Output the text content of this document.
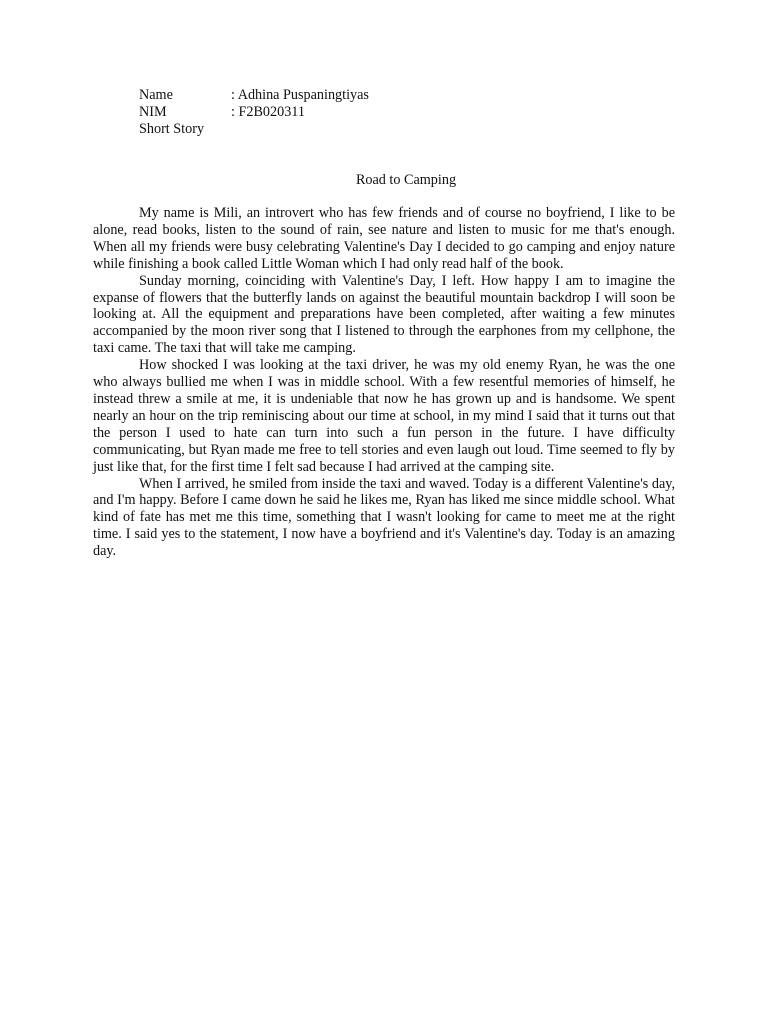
Name	: Adhina Puspaningtiyas
NIM	: F2B020311
Short Story
Road to Camping

My name is Mili, an introvert who has few friends and of course no boyfriend, I like to be alone, read books, listen to the sound of rain, see nature and listen to music for me that's enough. When all my friends were busy celebrating Valentine's Day I decided to go camping and enjoy nature while finishing a book called Little Woman which I had only read half of the book.

Sunday morning, coinciding with Valentine's Day, I left. How happy I am to imagine the expanse of flowers that the butterfly lands on against the beautiful mountain backdrop I will soon be looking at. All the equipment and preparations have been completed, after waiting a few minutes accompanied by the moon river song that I listened to through the earphones from my cellphone, the taxi came. The taxi that will take me camping.

How shocked I was looking at the taxi driver, he was my old enemy Ryan, he was the one who always bullied me when I was in middle school. With a few resentful memories of himself, he instead threw a smile at me, it is undeniable that now he has grown up and is handsome. We spent nearly an hour on the trip reminiscing about our time at school, in my mind I said that it turns out that the person I used to hate can turn into such a fun person in the future. I have difficulty communicating, but Ryan made me free to tell stories and even laugh out loud. Time seemed to fly by just like that, for the first time I felt sad because I had arrived at the camping site.

When I arrived, he smiled from inside the taxi and waved. Today is a different Valentine's day, and I'm happy. Before I came down he said he likes me, Ryan has liked me since middle school. What kind of fate has met me this time, something that I wasn't looking for came to meet me at the right time. I said yes to the statement, I now have a boyfriend and it's Valentine's day. Today is an amazing day.
